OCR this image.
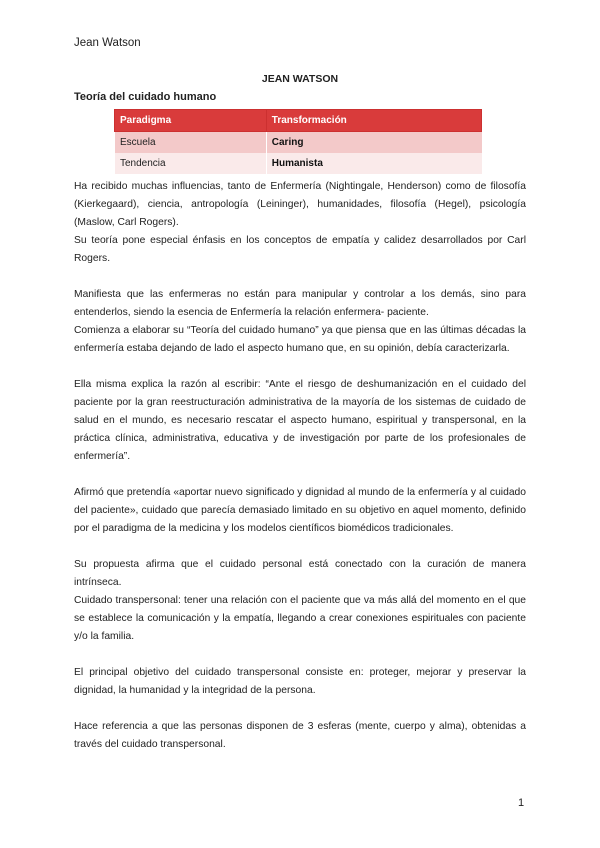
Jean Watson
JEAN WATSON
Teoría del cuidado humano
Paradigma	Transformación
Escuela	Caring
Tendencia	Humanista

Ha recibido muchas influencias, tanto de Enfermería (Nightingale, Henderson) como de filosofía (Kierkegaard), ciencia, antropología (Leininger), humanidades, filosofía (Hegel), psicología (Maslow, Carl Rogers).

Su teoría pone especial énfasis en los conceptos de empatía y calidez desarrollados por Carl Rogers.

Manifiesta que las enfermeras no están para manipular y controlar a los demás, sino para entenderlos, siendo la esencia de Enfermería la relación enfermera- paciente.

Comienza a elaborar su “Teoría del cuidado humano” ya que piensa que en las últimas décadas la enfermería estaba dejando de lado el aspecto humano que, en su opinión, debía caracterizarla.

Ella misma explica la razón al escribir: “Ante el riesgo de deshumanización en el cuidado del paciente por la gran reestructuración administrativa de la mayoría de los sistemas de cuidado de salud en el mundo, es necesario rescatar el aspecto humano, espiritual y transpersonal, en la práctica clínica, administrativa, educativa y de investigación por parte de los profesionales de enfermería”.

Afirmó que pretendía «aportar nuevo significado y dignidad al mundo de la enfermería y al cuidado del paciente», cuidado que parecía demasiado limitado en su objetivo en aquel momento, definido por el paradigma de la medicina y los modelos científicos biomédicos tradicionales.

Su propuesta afirma que el cuidado personal está conectado con la curación de manera intrínseca.

Cuidado transpersonal: tener una relación con el paciente que va más allá del momento en el que se establece la comunicación y la empatía, llegando a crear conexiones espirituales con paciente y/o la familia.

El principal objetivo del cuidado transpersonal consiste en: proteger, mejorar y preservar la dignidad, la humanidad y la integridad de la persona.

Hace referencia a que las personas disponen de 3 esferas (mente, cuerpo y alma), obtenidas a través del cuidado transpersonal.

1
